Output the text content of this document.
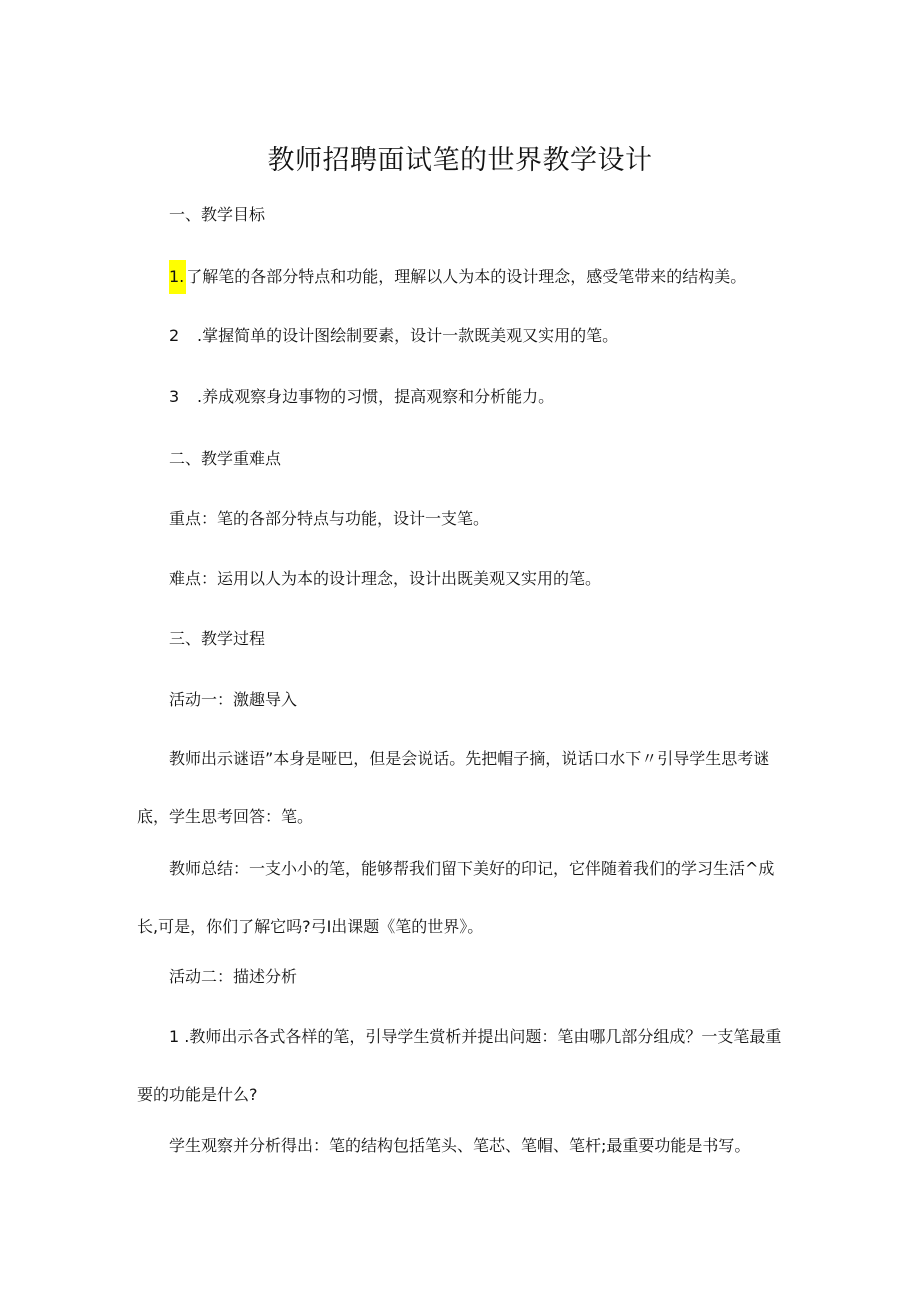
教师招聘面试笔的世界教学设计

一、教学目标

1. 了解笔的各部分特点和功能，理解以人为本的设计理念，感受笔带来的结构美。

2 .掌握简单的设计图绘制要素，设计一款既美观又实用的笔。

3 .养成观察身边事物的习惯，提高观察和分析能力。

二、教学重难点

重点：笔的各部分特点与功能，设计一支笔。

难点：运用以人为本的设计理念，设计出既美观又实用的笔。

三、教学过程

活动一：激趣导入

教师出示谜语”本身是哑巴，但是会说话。先把帽子摘，说话口水下〃引导学生思考谜底，学生思考回答：笔。

教师总结：一支小小的笔，能够帮我们留下美好的印记，它伴随着我们的学习生活^成长,可是，你们了解它吗?弓I出课题《笔的世界》。

活动二：描述分析

1 .教师出示各式各样的笔，引导学生赏析并提出问题：笔由哪几部分组成？一支笔最重要的功能是什么?

学生观察并分析得出：笔的结构包括笔头、笔芯、笔帽、笔杆;最重要功能是书写。
